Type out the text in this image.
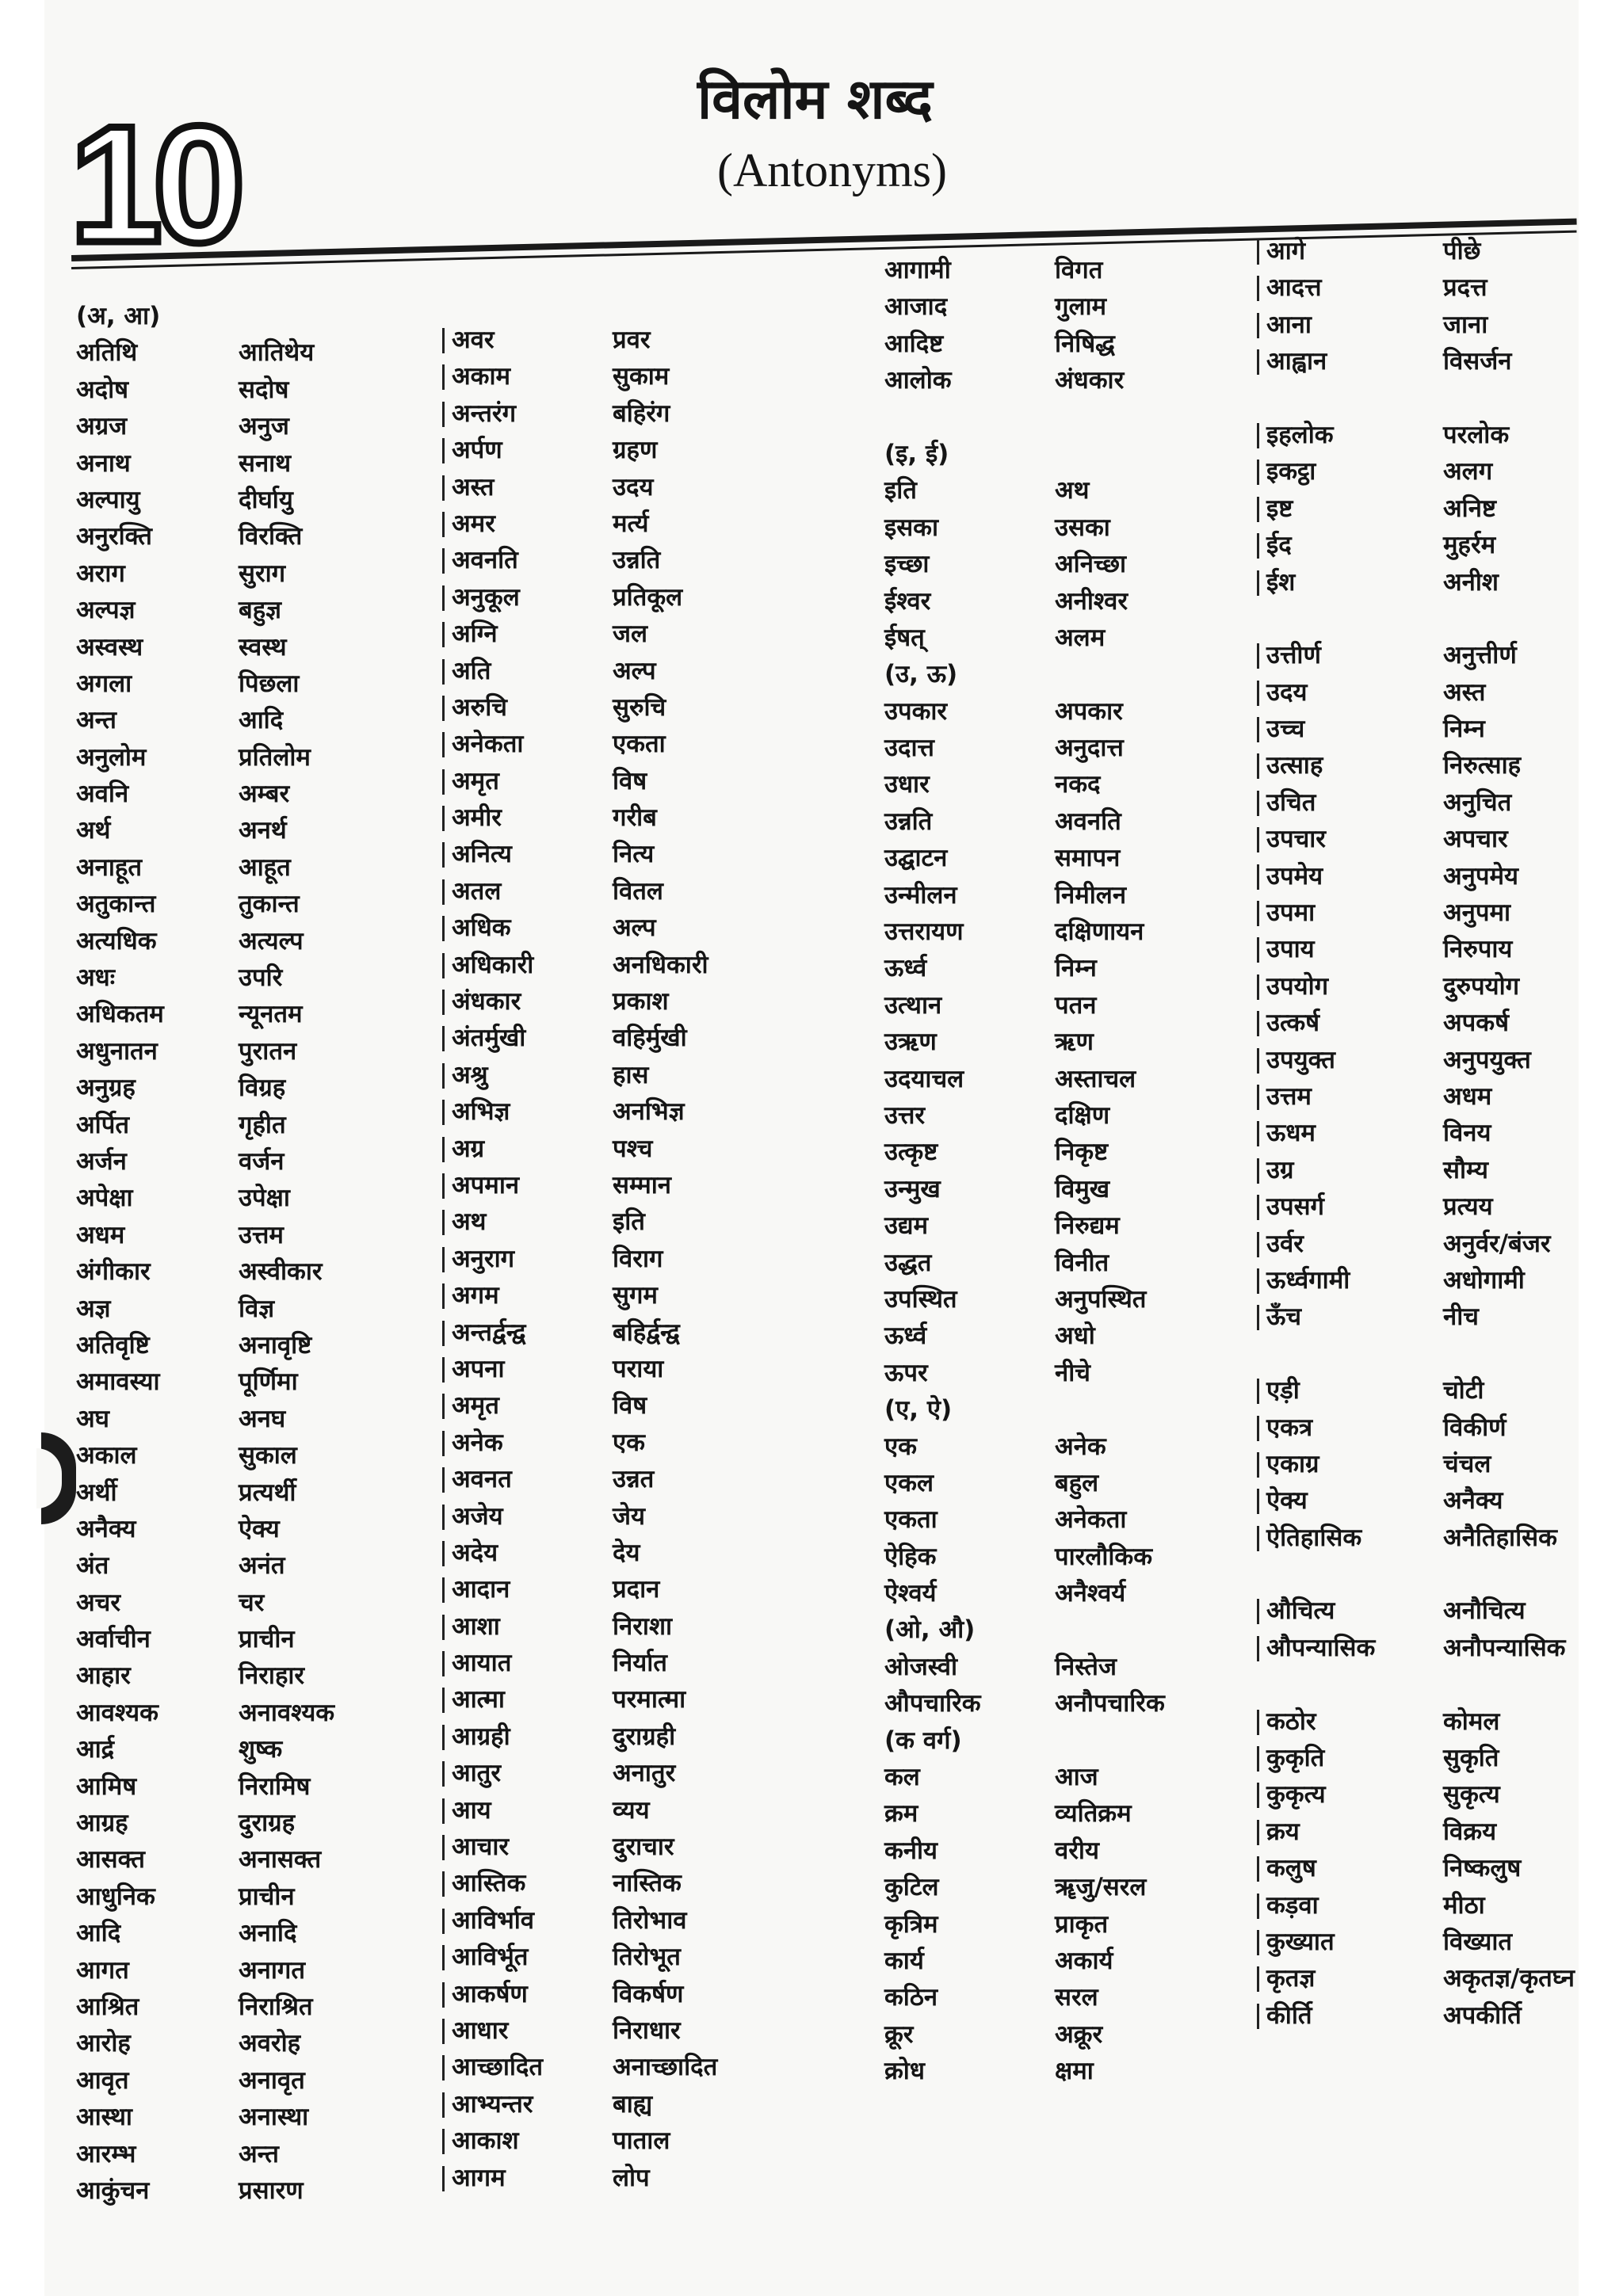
10	विलोम शब्द
(Antonyms)
(अ, आ)
अतिथि	आतिथेय
अदोष	सदोष
अग्रज	अनुज
अनाथ	सनाथ
अल्पायु	दीर्घायु
अनुरक्ति	विरक्ति
अराग	सुराग
अल्पज्ञ	बहुज्ञ
अस्वस्थ	स्वस्थ
अगला	पिछला
अन्त	आदि
अनुलोम	प्रतिलोम
अवनि	अम्बर
अर्थ	अनर्थ
अनाहूत	आहूत
अतुकान्त	तुकान्त
अत्यधिक	अत्यल्प
अधः	उपरि
अधिकतम	न्यूनतम
अधुनातन	पुरातन
अनुग्रह	विग्रह
अर्पित	गृहीत
अर्जन	वर्जन
अपेक्षा	उपेक्षा
अधम	उत्तम
अंगीकार	अस्वीकार
अज्ञ	विज्ञ
अतिवृष्टि	अनावृष्टि
अमावस्या	पूर्णिमा
अघ	अनघ
अकाल	सुकाल
अर्थी	प्रत्यर्थी
अनैक्य	ऐक्य
अंत	अनंत
अचर	चर
अर्वाचीन	प्राचीन
आहार	निराहार
आवश्यक	अनावश्यक
आर्द्र	शुष्क
आमिष	निरामिष
आग्रह	दुराग्रह
आसक्त	अनासक्त
आधुनिक	प्राचीन
आदि	अनादि
आगत	अनागत
आश्रित	निराश्रित
आरोह	अवरोह
आवृत	अनावृत
आस्था	अनास्था
आरम्भ	अन्त
आकुंचन	प्रसारण
अवर	प्रवर
अकाम	सुकाम
अन्तरंग	बहिरंग
अर्पण	ग्रहण
अस्त	उदय
अमर	मर्त्य
अवनति	उन्नति
अनुकूल	प्रतिकूल
अग्नि	जल
अति	अल्प
अरुचि	सुरुचि
अनेकता	एकता
अमृत	विष
अमीर	गरीब
अनित्य	नित्य
अतल	वितल
अधिक	अल्प
अधिकारी	अनधिकारी
अंधकार	प्रकाश
अंतर्मुखी	वहिर्मुखी
अश्रु	हास
अभिज्ञ	अनभिज्ञ
अग्र	पश्च
अपमान	सम्मान
अथ	इति
अनुराग	विराग
अगम	सुगम
अन्तर्द्वन्द्व	बहिर्द्वन्द्व
अपना	पराया
अमृत	विष
अनेक	एक
अवनत	उन्नत
अजेय	जेय
अदेय	देय
आदान	प्रदान
आशा	निराशा
आयात	निर्यात
आत्मा	परमात्मा
आग्रही	दुराग्रही
आतुर	अनातुर
आय	व्यय
आचार	दुराचार
आस्तिक	नास्तिक
आविर्भाव	तिरोभाव
आविर्भूत	तिरोभूत
आकर्षण	विकर्षण
आधार	निराधार
आच्छादित	अनाच्छादित
आभ्यन्तर	बाह्य
आकाश	पाताल
आगम	लोप
आगामी	विगत
आजाद	गुलाम
आदिष्ट	निषिद्ध
आलोक	अंधकार
(इ, ई)
इति	अथ
इसका	उसका
इच्छा	अनिच्छा
ईश्वर	अनीश्वर
ईषत्	अलम
(उ, ऊ)
उपकार	अपकार
उदात्त	अनुदात्त
उधार	नकद
उन्नति	अवनति
उद्घाटन	समापन
उन्मीलन	निमीलन
उत्तरायण	दक्षिणायन
ऊर्ध्व	निम्न
उत्थान	पतन
उऋण	ऋण
उदयाचल	अस्ताचल
उत्तर	दक्षिण
उत्कृष्ट	निकृष्ट
उन्मुख	विमुख
उद्यम	निरुद्यम
उद्धत	विनीत
उपस्थित	अनुपस्थित
ऊर्ध्व	अधो
ऊपर	नीचे
(ए, ऐ)
एक	अनेक
एकल	बहुल
एकता	अनेकता
ऐहिक	पारलौकिक
ऐश्वर्य	अनैश्वर्य
(ओ, औ)
ओजस्वी	निस्तेज
औपचारिक	अनौपचारिक
(क वर्ग)
कल	आज
क्रम	व्यतिक्रम
कनीय	वरीय
कुटिल	ॠजु/सरल
कृत्रिम	प्राकृत
कार्य	अकार्य
कठिन	सरल
क्रूर	अक्रूर
क्रोध	क्षमा
आगे	पीछे
आदत्त	प्रदत्त
आना	जाना
आह्वान	विसर्जन
इहलोक	परलोक
इकट्ठा	अलग
इष्ट	अनिष्ट
ईद	मुहर्रम
ईश	अनीश
उत्तीर्ण	अनुत्तीर्ण
उदय	अस्त
उच्च	निम्न
उत्साह	निरुत्साह
उचित	अनुचित
उपचार	अपचार
उपमेय	अनुपमेय
उपमा	अनुपमा
उपाय	निरुपाय
उपयोग	दुरुपयोग
उत्कर्ष	अपकर्ष
उपयुक्त	अनुपयुक्त
उत्तम	अधम
ऊधम	विनय
उग्र	सौम्य
उपसर्ग	प्रत्यय
उर्वर	अनुर्वर/बंजर
ऊर्ध्वगामी	अधोगामी
ऊँच	नीच
एड़ी	चोटी
एकत्र	विकीर्ण
एकाग्र	चंचल
ऐक्य	अनैक्य
ऐतिहासिक	अनैतिहासिक
औचित्य	अनौचित्य
औपन्यासिक	अनौपन्यासिक
कठोर	कोमल
कुकृति	सुकृति
कुकृत्य	सुकृत्य
क्रय	विक्रय
कलुष	निष्कलुष
कड़वा	मीठा
कुख्यात	विख्यात
कृतज्ञ	अकृतज्ञ/कृतघ्न
कीर्ति	अपकीर्ति
